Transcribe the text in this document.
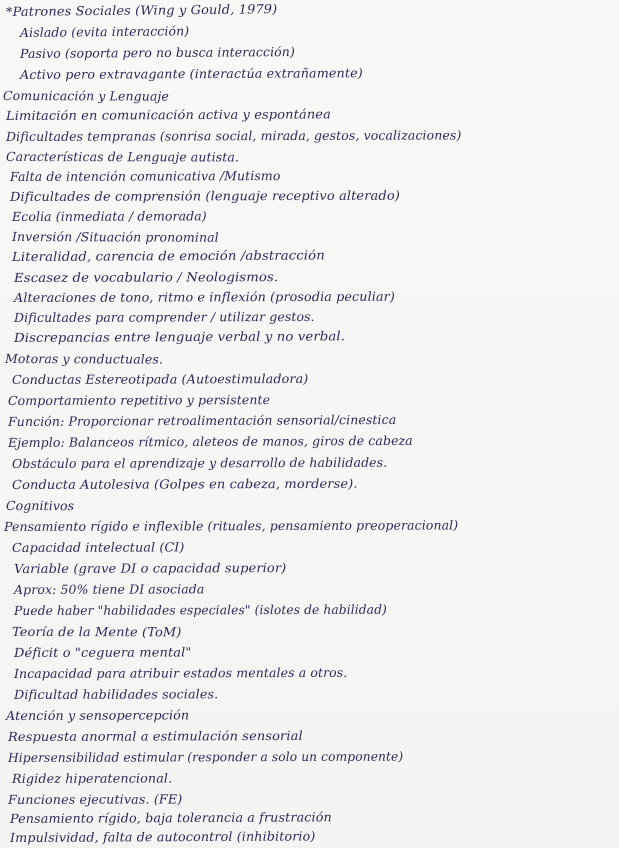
*Patrones Sociales (Wing y Gould, 1979)
Aislado (evita interacción)
Pasivo (soporta pero no busca interacción)
Activo pero extravagante (interactúa extrañamente)
Comunicación y Lenguaje
Limitación en comunicación activa y espontánea
Dificultades tempranas (sonrisa social, mirada, gestos, vocalizaciones)
Características de Lenguaje autista.
Falta de intención comunicativa /Mutismo
Dificultades de comprensión (lenguaje receptivo alterado)
Ecolia (inmediata / demorada)
Inversión /Situación pronominal
Literalidad, carencia de emoción /abstracción
Escasez de vocabulario / Neologismos.
Alteraciones de tono, ritmo e inflexión (prosodia peculiar)
Dificultades para comprender / utilizar gestos.
Discrepancias entre lenguaje verbal y no verbal.
Motoras y conductuales.
Conductas Estereotipada (Autoestimuladora)
Comportamiento repetitivo y persistente
Función: Proporcionar retroalimentación sensorial/cinestica
Ejemplo: Balanceos rítmico, aleteos de manos, giros de cabeza
Obstáculo para el aprendizaje y desarrollo de habilidades.
Conducta Autolesiva (Golpes en cabeza, morderse).
Cognitivos
Pensamiento rígido e inflexible (rituales, pensamiento preoperacional)
Capacidad intelectual (CI)
Variable (grave DI o capacidad superior)
Aprox: 50% tiene DI asociada
Puede haber "habilidades especiales" (islotes de habilidad)
Teoría de la Mente (ToM)
Déficit o "ceguera mental"
Incapacidad para atribuir estados mentales a otros.
Dificultad habilidades sociales.
Atención y sensopercepción
Respuesta anormal a estimulación sensorial
Hipersensibilidad estimular (responder a solo un componente)
Rigidez hiperatencional.
Funciones ejecutivas. (FE)
Pensamiento rígido, baja tolerancia a frustración
Impulsividad, falta de autocontrol (inhibitorio)
